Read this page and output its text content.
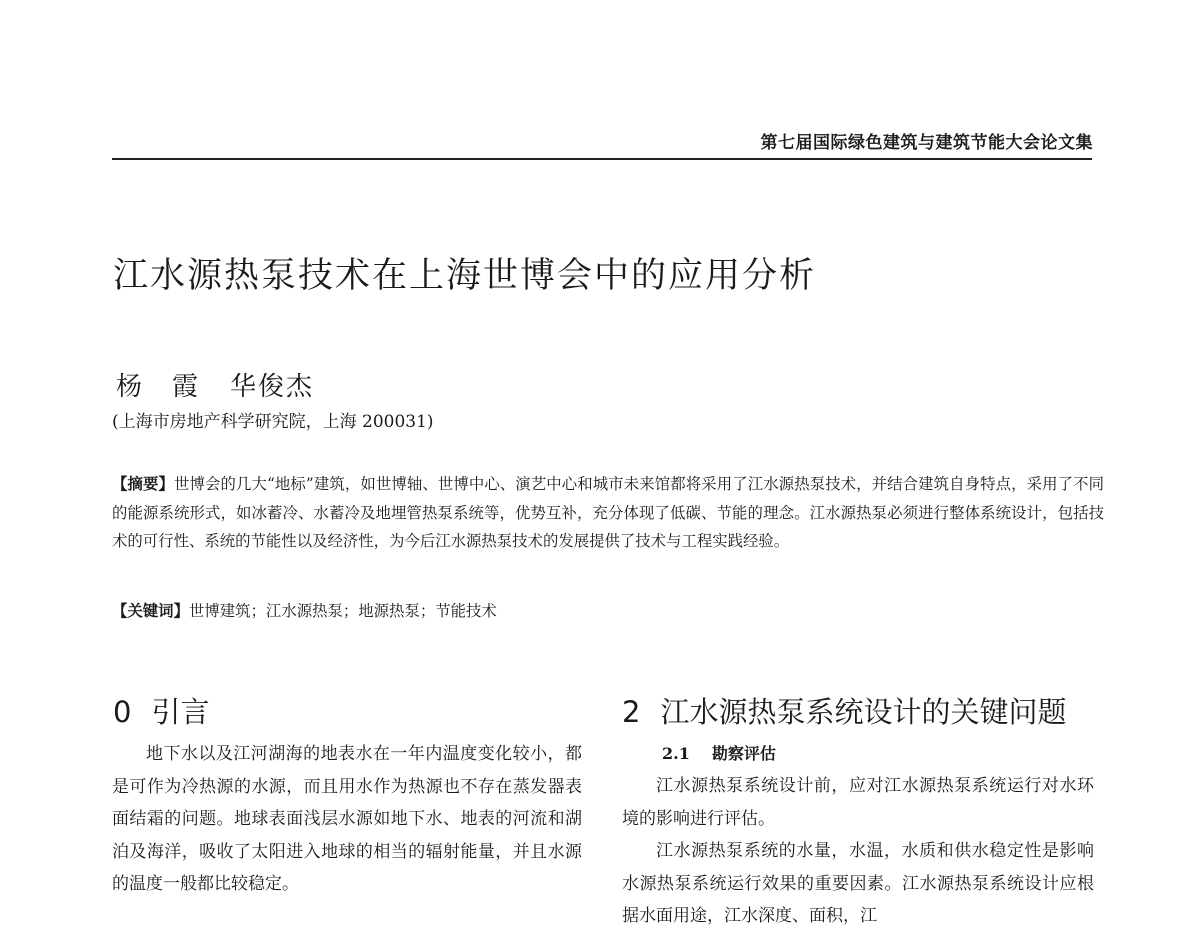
第七届国际绿色建筑与建筑节能大会论文集
江水源热泵技术在上海世博会中的应用分析
杨　霞 华俊杰
(上海市房地产科学研究院，上海 200031)
【摘要】世博会的几大“地标”建筑，如世博轴、世博中心、演艺中心和城市未来馆都将采用了江水源热泵技术，并结合建筑自身特点，采用了不同的能源系统形式，如冰蓄冷、水蓄冷及地埋管热泵系统等，优势互补，充分体现了低碳、节能的理念。江水源热泵必须进行整体系统设计，包括技术的可行性、系统的节能性以及经济性，为今后江水源热泵技术的发展提供了技术与工程实践经验。
【关键词】世博建筑；江水源热泵；地源热泵；节能技术
0 引言

地下水以及江河湖海的地表水在一年内温度变化较小，都是可作为冷热源的水源，而且用水作为热源也不存在蒸发器表面结霜的问题。地球表面浅层水源如地下水、地表的河流和湖泊及海洋，吸收了太阳进入地球的相当的辐射能量，并且水源的温度一般都比较稳定。

2 江水源热泵系统设计的关键问题
2.1 勘察评估

江水源热泵系统设计前，应对江水源热泵系统运行对水环境的影响进行评估。

江水源热泵系统的水量，水温，水质和供水稳定性是影响水源热泵系统运行效果的重要因素。江水源热泵系统设计应根据水面用途，江水深度、面积，江
